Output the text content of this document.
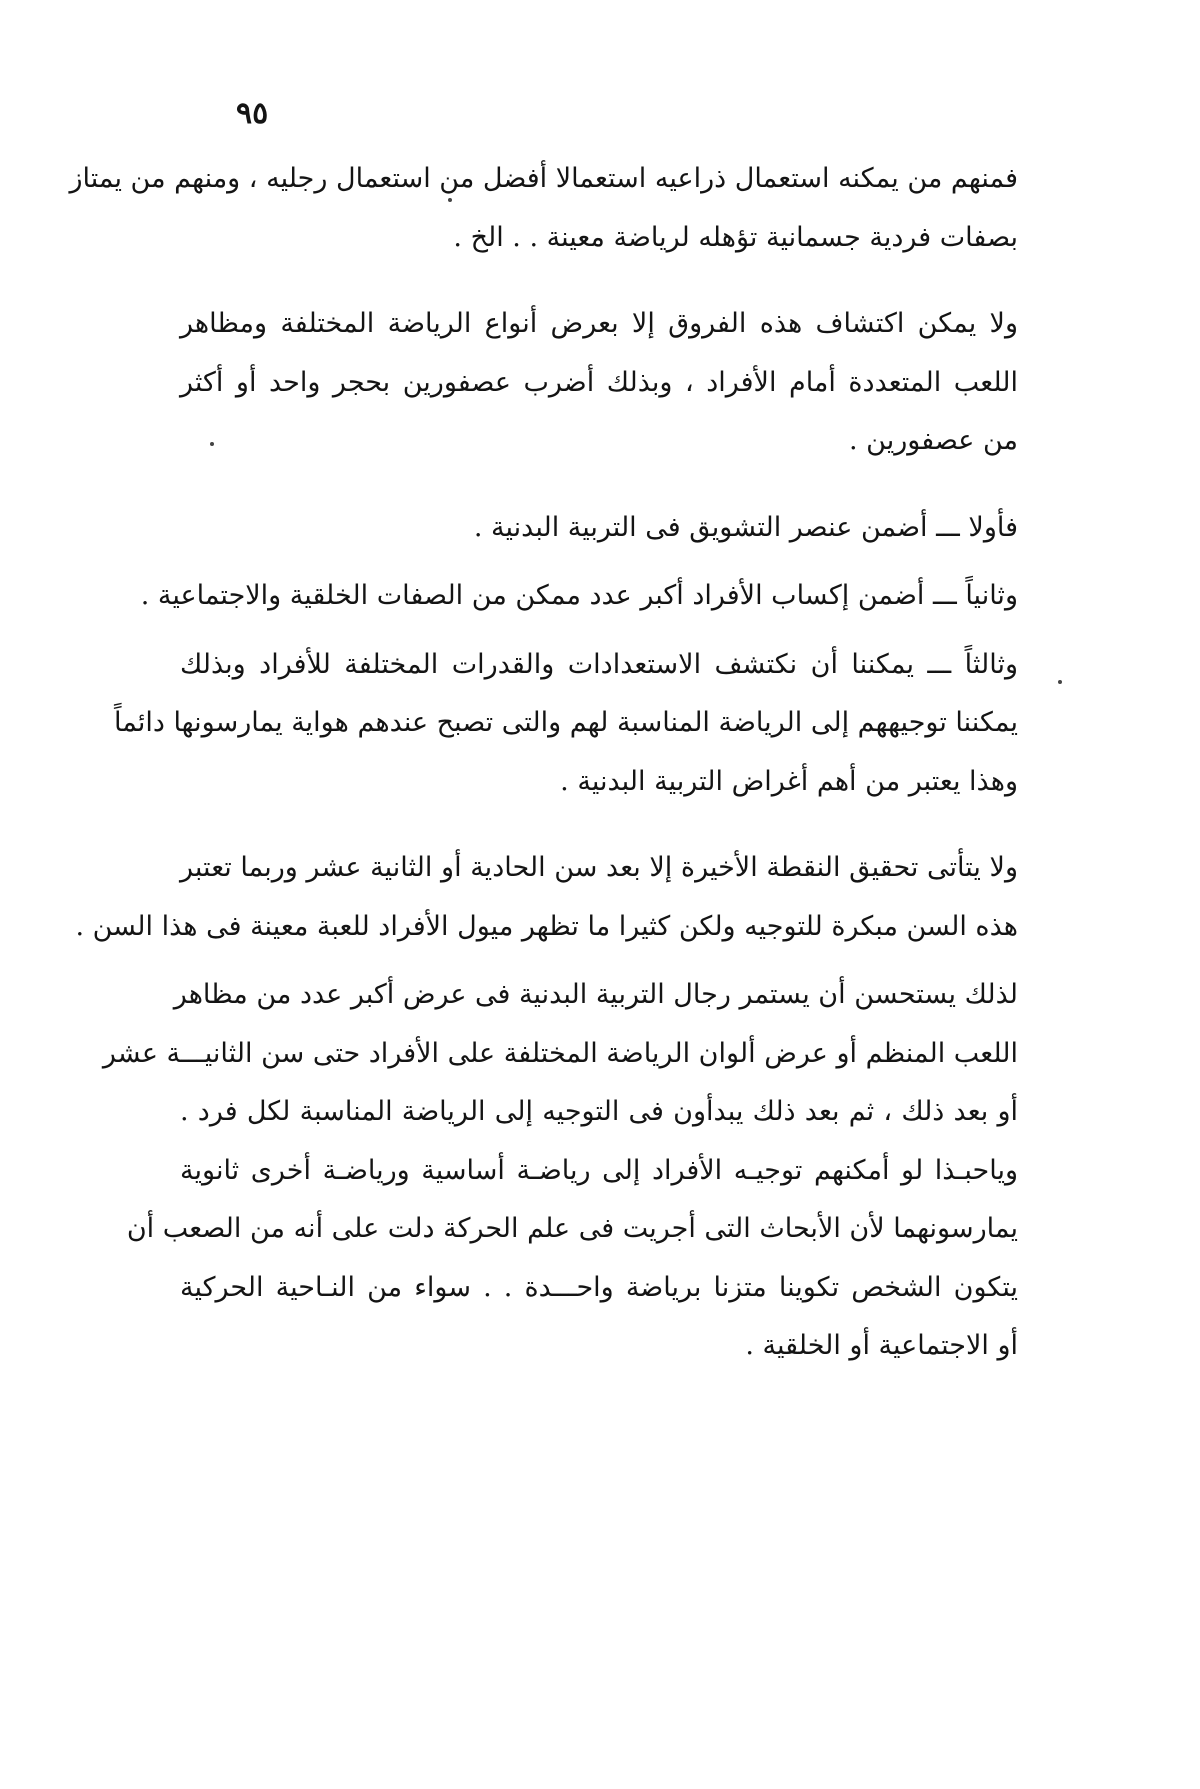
٩٥
فمنهم من يمكنه استعمال ذراعيه استعمالا أفضل من استعمال رجليه ، ومنهم من يمتاز
بصفات فردية جسمانية تؤهله لرياضة معينة . . الخ .
ولا يمكن اكتشاف هذه الفروق إلا بعرض أنواع الرياضة المختلفة ومظاهر
اللعب المتعددة أمام الأفراد ، وبذلك أضرب عصفورين بحجر واحد أو أكثر
من عصفورين .
فأولا ـــ أضمن عنصر التشويق فى التربية البدنية .
وثانياً ـــ أضمن إكساب الأفراد أكبر عدد ممكن من الصفات الخلقية والاجتماعية .
وثالثاً ـــ يمكننا أن نكتشف الاستعدادات والقدرات المختلفة للأفراد وبذلك
يمكننا توجيههم إلى الرياضة المناسبة لهم والتى تصبح عندهم هواية يمارسونها دائماً
وهذا يعتبر من أهم أغراض التربية البدنية .
ولا يتأتى تحقيق النقطة الأخيرة إلا بعد سن الحادية أو الثانية عشر وربما تعتبر
هذه السن مبكرة للتوجيه ولكن كثيرا ما تظهر ميول الأفراد للعبة معينة فى هذا السن .
لذلك يستحسن أن يستمر رجال التربية البدنية فى عرض أكبر عدد من مظاهر
اللعب المنظم أو عرض ألوان الرياضة المختلفة على الأفراد حتى سن الثانيـــة عشر
أو بعد ذلك ، ثم بعد ذلك يبدأون فى التوجيه إلى الرياضة المناسبة لكل فرد .
وياحبـذا لو أمكنهم توجيـه الأفراد إلى رياضـة أساسية ورياضـة أخرى ثانوية
يمارسونهما لأن الأبحاث التى أجريت فى علم الحركة دلت على أنه من الصعب أن
يتكون الشخص تكوينا متزنا برياضة واحـــدة . . سواء من النـاحية الحركية
أو الاجتماعية أو الخلقية .
